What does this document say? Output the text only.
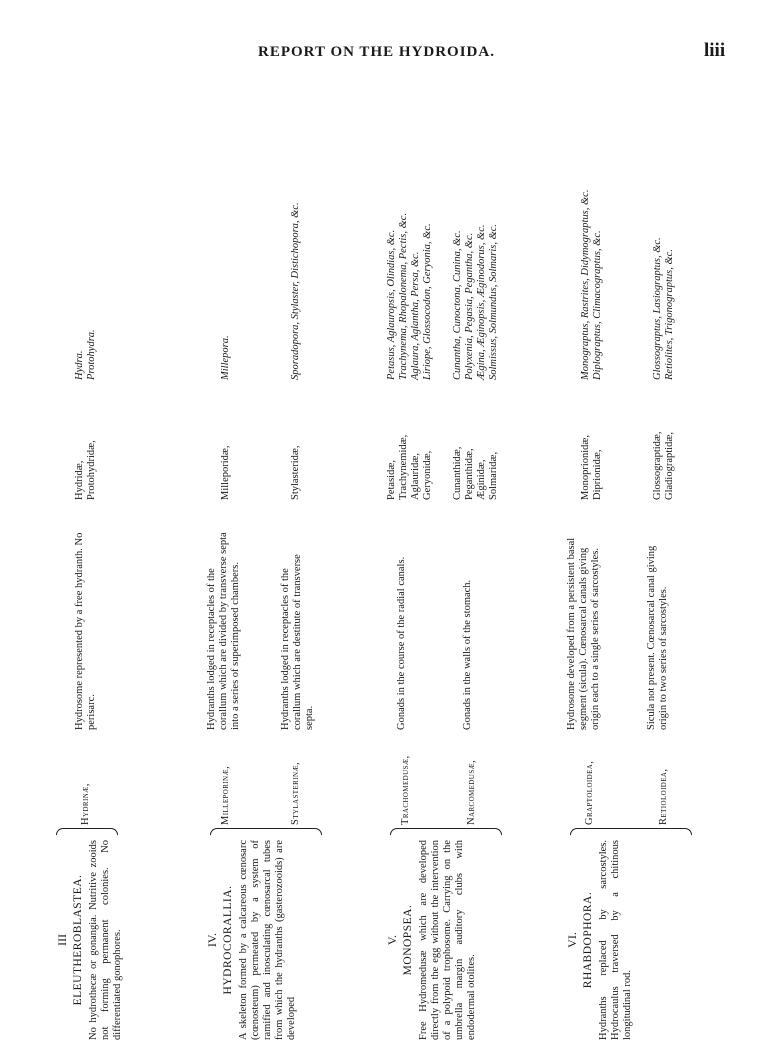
REPORT ON THE HYDROIDA.	liii
III ELEUTHEROBLASTEA. No hydrothecæ or gonangia. Nutritive zooids not forming permanent colonies. No differentiated gonophores.
Hydrinæ,
Hydrosome represented by a free hydranth. No perisarc.
Hydridæ, Protohydridæ,
Hydra. Protohydra.
IV. HYDROCORALLIA. A skeleton formed by a calcareous cœnosarc (cœnosteum) permeated by a system of ramified and inosculating cœnosarcal tubes from which the hydranths (gasterozooids) are developed
Milleporinæ,
Hydranths lodged in receptacles of the corallum which are divided by transverse septa into a series of superimposed chambers.
Milleporidæ,
Millepora.
Stylasterinæ,
Hydranths lodged in receptacles of the corallum which are destitute of transverse septa.
Stylasteridæ,
Sporadopora, Stylaster, Distichopora, &c.
V. MONOPSEA. Free Hydromedusæ which are developed directly from the egg without the intervention of a polypoid trophosome. Carrying on the umbrella margin auditory clubs with endodermal otolites.
Trachomedusæ,
Gonads in the course of the radial canals.
Petasidæ, Trachynemidæ, Aglauridæ, Geryonidæ,
Petasus, Aglauropsis, Olindias, &c. Trachynema, Rhopalonema, Pectis, &c. Aglaura, Aglantha, Persa, &c. Liriope, Glossocodon, Geryonia, &c.
Narcomedusæ,
Gonads in the walls of the stomach.
Cunanthidæ, Peganthidæ, Æginidæ, Solmaridæ,
Cunantha, Cunoctona, Cunina, &c. Polyxenia, Pegasia, Pegantha, &c. Ægina, Æginopsis, Æginodorus, &c. Solmissus, Solmundus, Solmaris, &c.
VI. RHABDOPHORA. Hydranths replaced by sarcostyles. Hydrocaulus traversed by a chitinous longitudinal rod.
Graptoloidea,
Hydrosome developed from a persistent basal segment (sicula). Cœnosarcal canals giving origin each to a single series of sarcostyles.
Monoprionidæ, Diprionidæ,
Monograptus, Rastrites, Didymograptus, &c. Diplograptus, Climacograptus, &c.
Retioloidea,
Sicula not present. Cœnosarcal canal giving origin to two series of sarcostyles.
Glossograptidæ, Gladiograptidæ,
Glossograptus, Lasiograptus, &c. Retiolites, Trigonograptus, &c.
